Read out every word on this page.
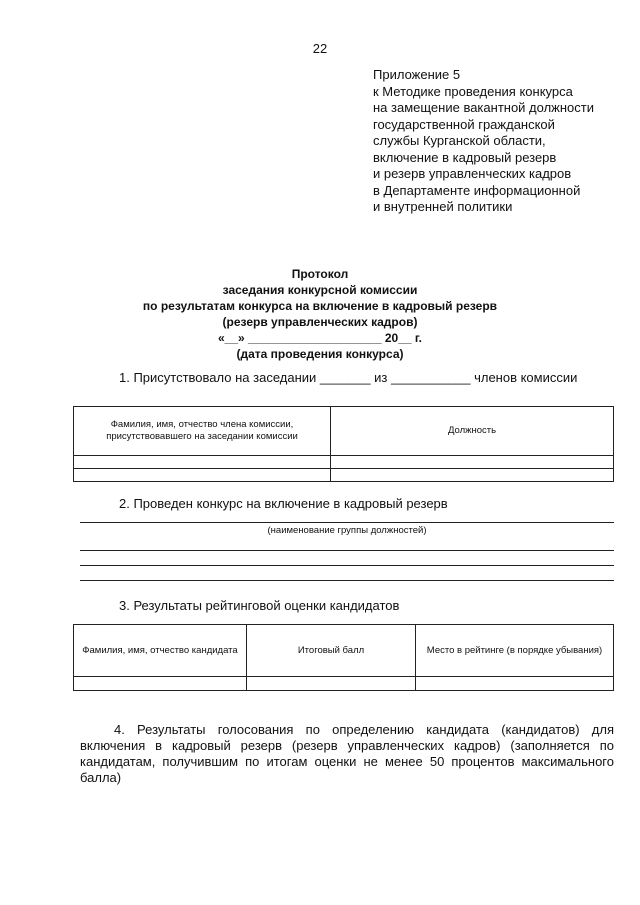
22
Приложение 5
к Методике проведения конкурса
на замещение вакантной должности
государственной гражданской
службы Курганской области,
включение в кадровый резерв
и резерв управленческих кадров
в Департаменте информационной
и внутренней политики
Протокол
заседания конкурсной комиссии
по результатам конкурса на включение в кадровый резерв
(резерв управленческих кадров)
«__» ____________________ 20__ г.
(дата проведения конкурса)
1. Присутствовало на заседании _______ из ___________ членов комиссии
Фамилия, имя, отчество члена комиссии, присутствовавшего на заседании комиссии	Должность

2. Проведен конкурс на включение в кадровый резерв
(наименование группы должностей)
3. Результаты рейтинговой оценки кандидатов
Фамилия, имя, отчество кандидата	Итоговый балл	Место в рейтинге (в порядке убывания)

4. Результаты голосования по определению кандидата (кандидатов) для включения в кадровый резерв (резерв управленческих кадров) (заполняется по кандидатам, получившим по итогам оценки не менее 50 процентов максимального балла)
